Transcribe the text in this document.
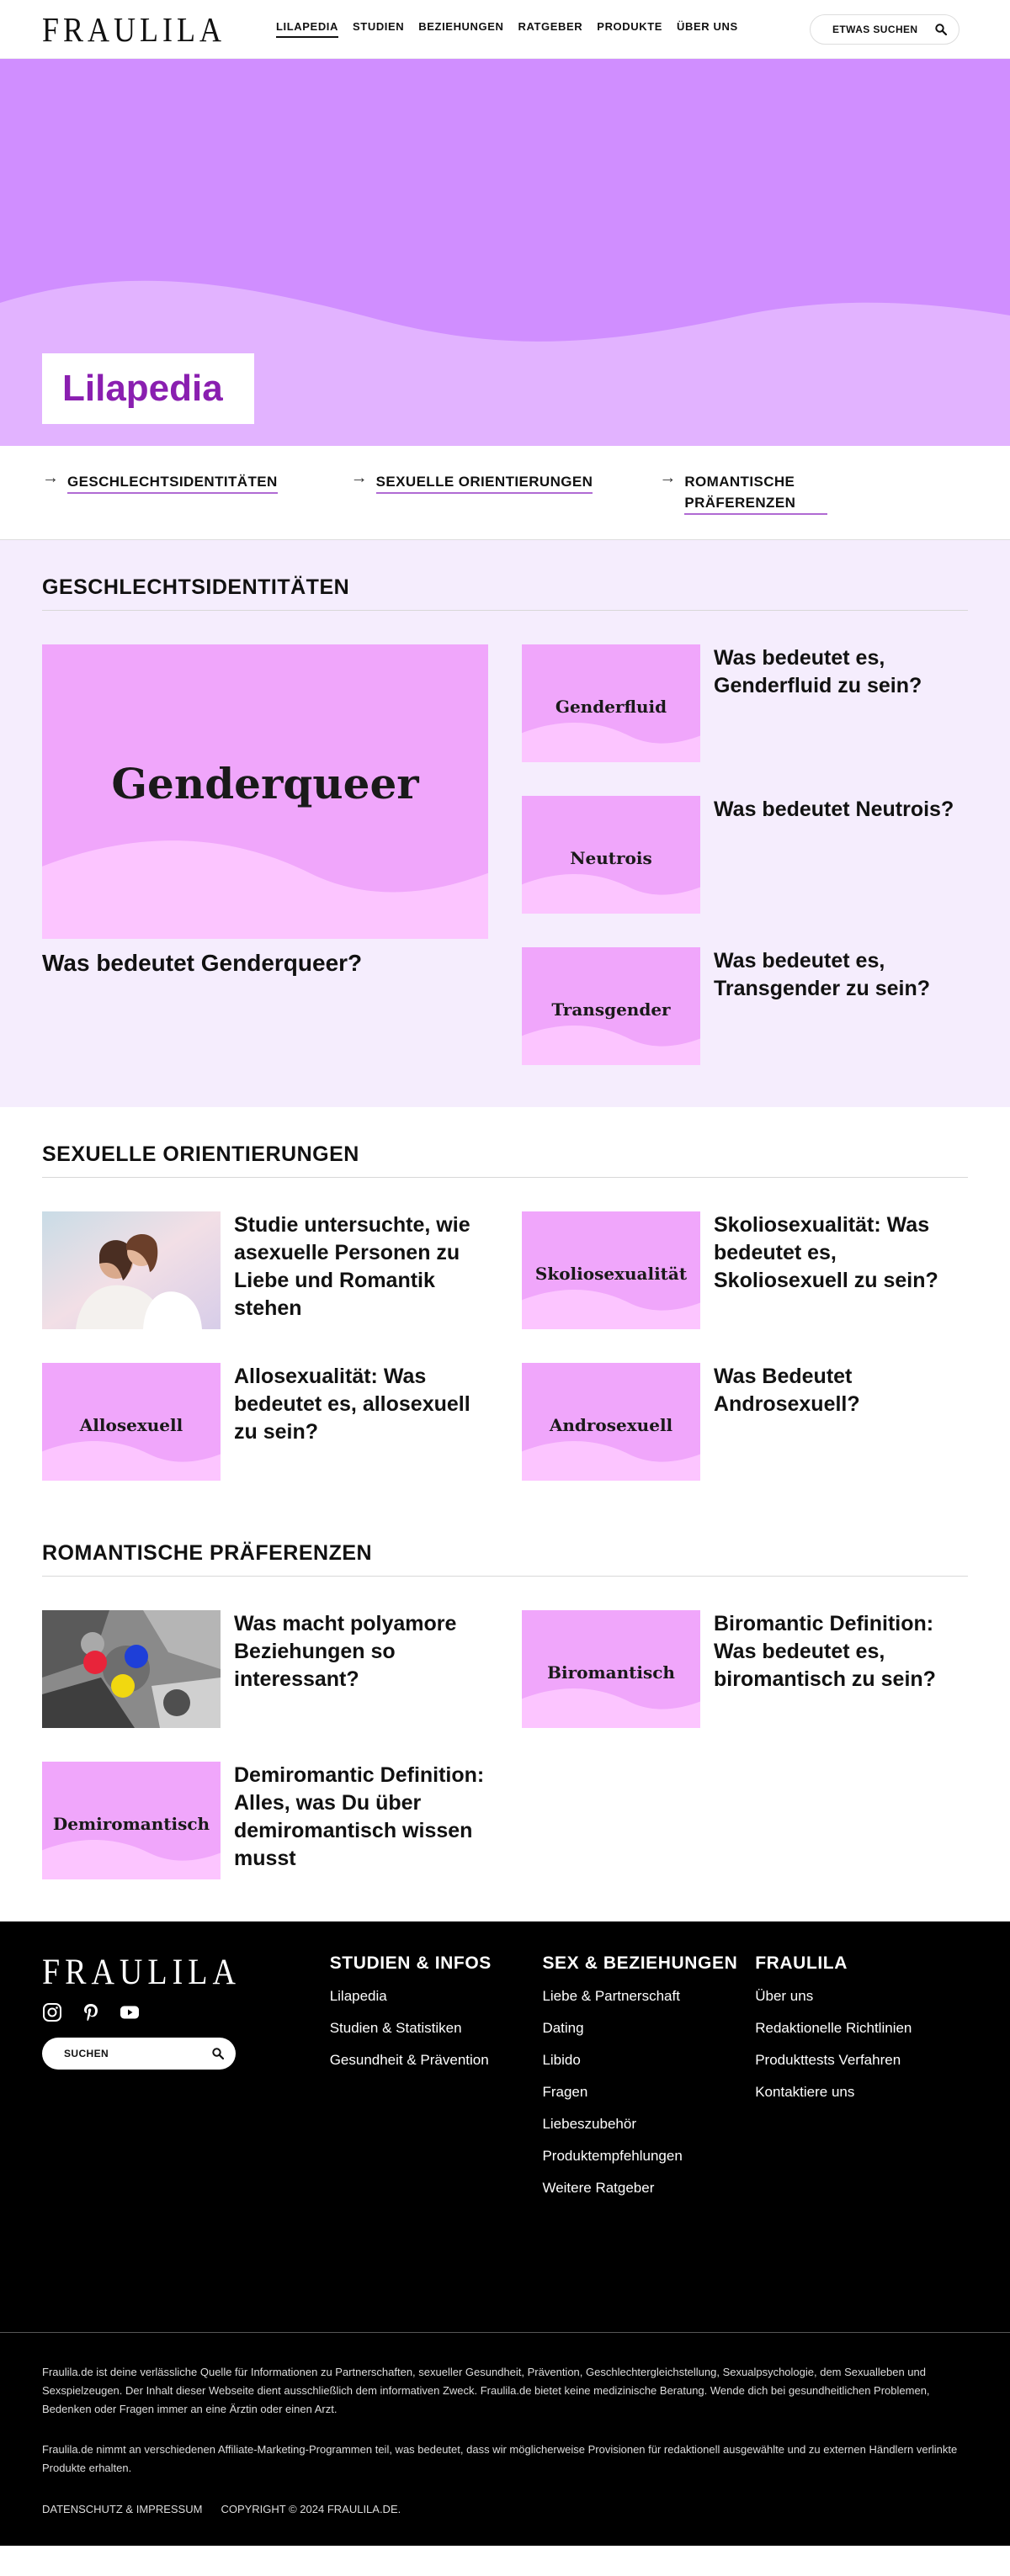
FRAULILA	LILAPEDIA STUDIEN BEZIEHUNGEN RATGEBER PRODUKTE ÜBER UNS	ETWAS SUCHEN
Lilapedia
→ GESCHLECHTSIDENTITÄTEN	→ SEXUELLE ORIENTIERUNGEN	→ ROMANTISCHE PRÄFERENZEN
GESCHLECHTSIDENTITÄTEN
Genderqueer
Was bedeutet Genderqueer?
Genderfluid
Was bedeutet es, Genderfluid zu sein?
Neutrois
Was bedeutet Neutrois?
Transgender
Was bedeutet es, Transgender zu sein?
SEXUELLE ORIENTIERUNGEN
Studie untersuchte, wie asexuelle Personen zu Liebe und Romantik stehen
Skoliosexualität
Skoliosexualität: Was bedeutet es, Skoliosexuell zu sein?
Allosexuell
Allosexualität: Was bedeutet es, allosexuell zu sein?	Androsexuell
Was Bedeutet Androsexuell?
ROMANTISCHE PRÄFERENZEN
Was macht polyamore Beziehungen so interessant?	Biromantisch
Biromantic Definition: Was bedeutet es, biromantisch zu sein?
Demiromantisch
Demiromantic Definition: Alles, was Du über demiromantisch wissen musst
FRAULILA
SUCHEN
STUDIEN & INFOS
Lilapedia
Studien & Statistiken
Gesundheit & Prävention
SEX & BEZIEHUNGEN
Liebe & Partnerschaft
Dating
Libido
Fragen
Liebeszubehör
Produktempfehlungen
Weitere Ratgeber
FRAULILA
Über uns
Redaktionelle Richtlinien
Produkttests Verfahren
Kontaktiere uns

Fraulila.de ist deine verlässliche Quelle für Informationen zu Partnerschaften, sexueller Gesundheit, Prävention, Geschlechtergleichstellung, Sexualpsychologie, dem Sexualleben und Sexspielzeugen. Der Inhalt dieser Webseite dient ausschließlich dem informativen Zweck. Fraulila.de bietet keine medizinische Beratung. Wende dich bei gesundheitlichen Problemen, Bedenken oder Fragen immer an eine Ärztin oder einen Arzt.

Fraulila.de nimmt an verschiedenen Affiliate-Marketing-Programmen teil, was bedeutet, dass wir möglicherweise Provisionen für redaktionell ausgewählte und zu externen Händlern verlinkte Produkte erhalten.

DATENSCHUTZ & IMPRESSUM COPYRIGHT © 2024 FRAULILA.DE.
